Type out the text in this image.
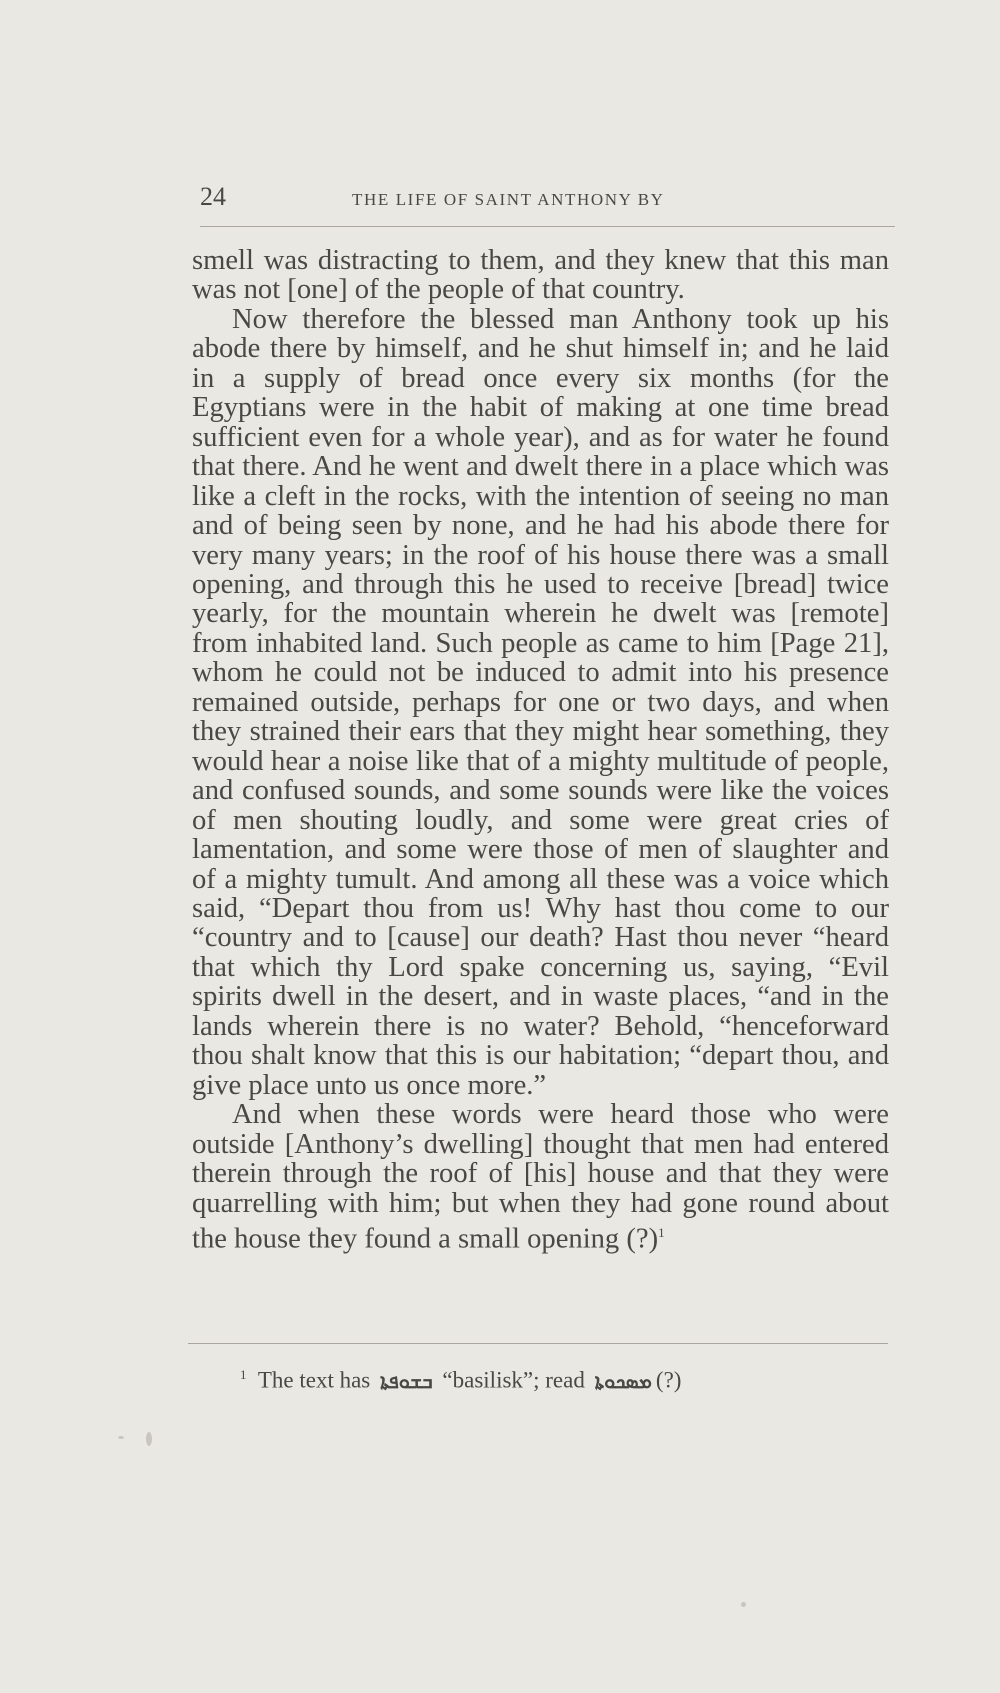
24	THE LIFE OF SAINT ANTHONY BY

smell was distracting to them, and they knew that this man was not [one] of the people of that country.

Now therefore the blessed man Anthony took up his abode there by himself, and he shut himself in; and he laid in a supply of bread once every six months (for the Egyptians were in the habit of making at one time bread sufficient even for a whole year), and as for water he found that there. And he went and dwelt there in a place which was like a cleft in the rocks, with the intention of seeing no man and of being seen by none, and he had his abode there for very many years; in the roof of his house there was a small opening, and through this he used to receive [bread] twice yearly, for the mountain wherein he dwelt was [remote] from inhabited land. Such people as came to him [Page 21], whom he could not be induced to admit into his presence remained outside, perhaps for one or two days, and when they strained their ears that they might hear something, they would hear a noise like that of a mighty multitude of people, and confused sounds, and some sounds were like the voices of men shouting loudly, and some were great cries of lamentation, and some were those of men of slaughter and of a mighty tumult. And among all these was a voice which said, “Depart thou from us! Why hast thou come to our “country and to [cause] our death? Hast thou never “heard that which thy Lord spake concerning us, saying, “Evil spirits dwell in the desert, and in waste places, “and in the lands wherein there is no water? Behold, “henceforward thou shalt know that this is our habitation; “depart thou, and give place unto us once more.”

And when these words were heard those who were outside [Anthony’s dwelling] thought that men had entered therein through the roof of [his] house and that they were quarrelling with him; but when they had gone round about the house they found a small opening (?)$^1$

$^1$ The text has ܒܫܘܦܬܐ “basilisk”; read ܡܣܟܘܬܐ (?)
